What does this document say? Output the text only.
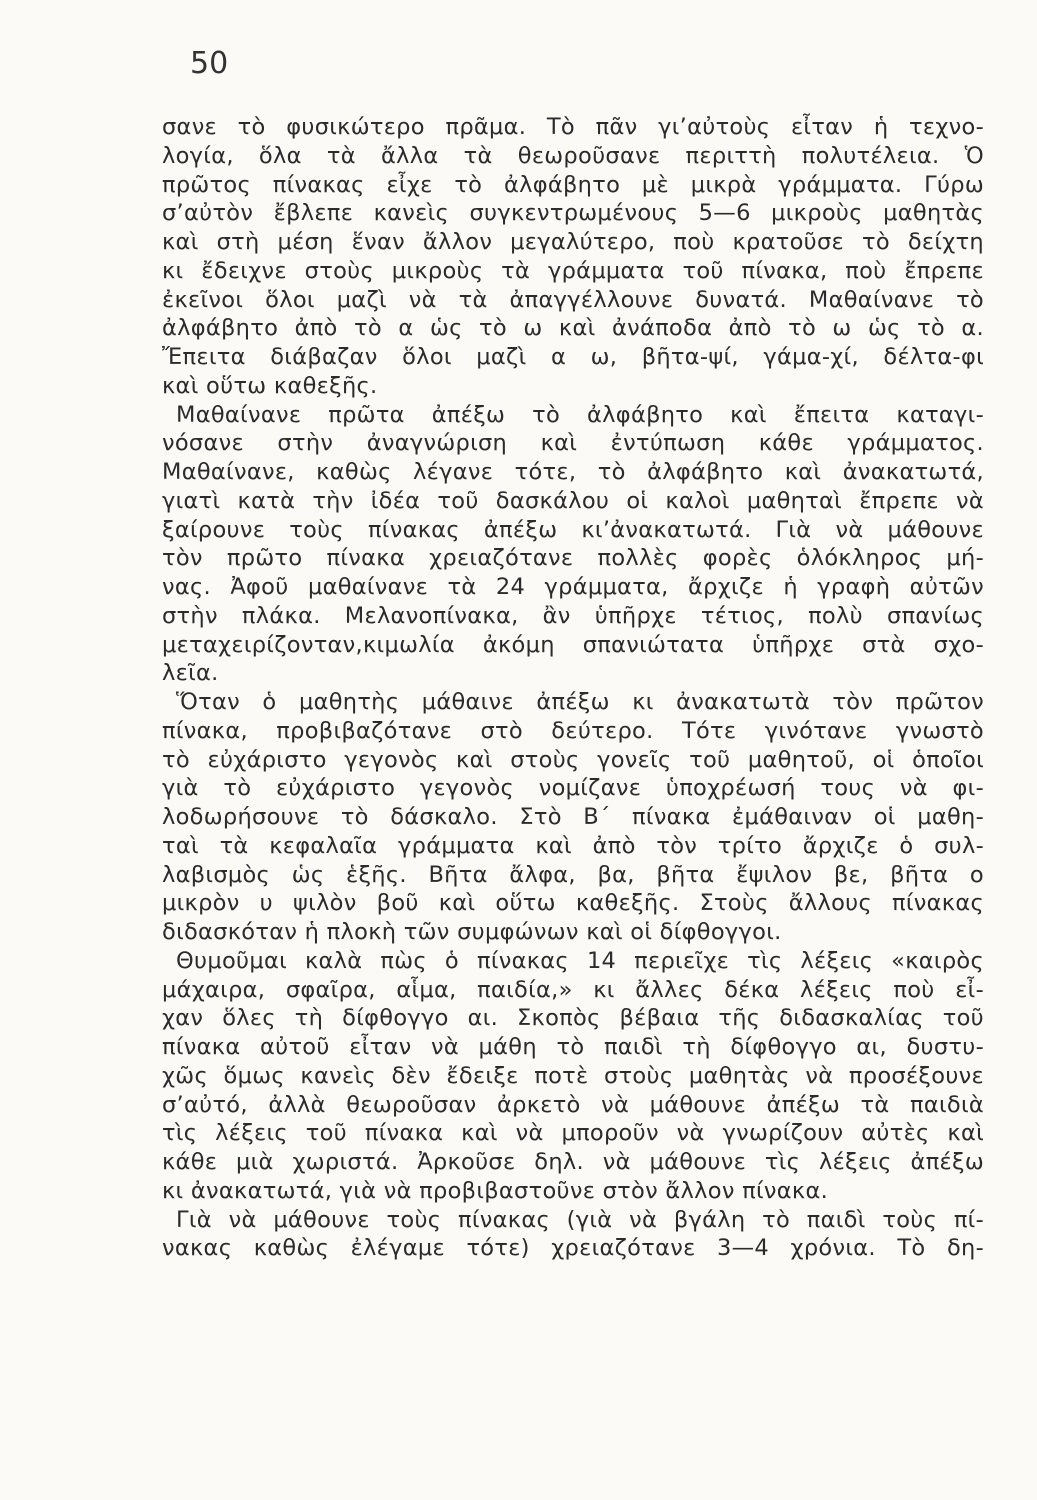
50
σανε τὸ φυσικώτερο πρᾶμα. Τὸ πᾶν γι’αὐτοὺς εἶταν ἡ τεχνο-
λογία, ὅλα τὰ ἄλλα τὰ θεωροῦσανε περιττὴ πολυτέλεια. Ὁ
πρῶτος πίνακας εἶχε τὸ ἀλφάβητο μὲ μικρὰ γράμματα. Γύρω
σ’αὐτὸν ἔβλεπε κανεὶς συγκεντρωμένους 5—6 μικροὺς μαθητὰς
καὶ στὴ μέση ἕναν ἄλλον μεγαλύτερο, ποὺ κρατοῦσε τὸ δείχτη
κι ἔδειχνε στοὺς μικροὺς τὰ γράμματα τοῦ πίνακα, ποὺ ἔπρεπε
ἐκεῖνοι ὅλοι μαζὶ νὰ τὰ ἀπαγγέλλουνε δυνατά. Μαθαίνανε τὸ
ἀλφάβητο ἀπὸ τὸ α ὡς τὸ ω καὶ ἀνάποδα ἀπὸ τὸ ω ὡς τὸ α.
Ἔπειτα διάβαζαν ὅλοι μαζὶ α ω, βῆτα-ψί, γάμα-χί, δέλτα-φι
καὶ οὕτω καθεξῆς.
Μαθαίνανε πρῶτα ἀπέξω τὸ ἀλφάβητο καὶ ἔπειτα καταγι-
νόσανε στὴν ἀναγνώριση καὶ ἐντύπωση κάθε γράμματος.
Μαθαίνανε, καθὼς λέγανε τότε, τὸ ἀλφάβητο καὶ ἀνακατωτά,
γιατὶ κατὰ τὴν ἰδέα τοῦ δασκάλου οἱ καλοὶ μαθηταὶ ἔπρεπε νὰ
ξαίρουνε τοὺς πίνακας ἀπέξω κι’ἀνακατωτά. Γιὰ νὰ μάθουνε
τὸν πρῶτο πίνακα χρειαζότανε πολλὲς φορὲς ὁλόκληρος μή-
νας. Ἀφοῦ μαθαίνανε τὰ 24 γράμματα, ἄρχιζε ἡ γραφὴ αὐτῶν
στὴν πλάκα. Μελανοπίνακα, ἂν ὑπῆρχε τέτιος, πολὺ σπανίως
μεταχειρίζονταν,κιμωλία ἀκόμη σπανιώτατα ὑπῆρχε στὰ σχο-
λεῖα.
Ὅταν ὁ μαθητὴς μάθαινε ἀπέξω κι ἀνακατωτὰ τὸν πρῶτον
πίνακα, προβιβαζότανε στὸ δεύτερο. Τότε γινότανε γνωστὸ
τὸ εὐχάριστο γεγονὸς καὶ στοὺς γονεῖς τοῦ μαθητοῦ, οἱ ὁποῖοι
γιὰ τὸ εὐχάριστο γεγονὸς νομίζανε ὑποχρέωσή τους νὰ φι-
λοδωρήσουνε τὸ δάσκαλο. Στὸ Β΄ πίνακα ἐμάθαιναν οἱ μαθη-
ταὶ τὰ κεφαλαῖα γράμματα καὶ ἀπὸ τὸν τρίτο ἄρχιζε ὁ συλ-
λαβισμὸς ὡς ἑξῆς. Βῆτα ἄλφα, βα, βῆτα ἔψιλον βε, βῆτα ο
μικρὸν υ ψιλὸν βοῦ καὶ οὕτω καθεξῆς. Στοὺς ἄλλους πίνακας
διδασκόταν ἡ πλοκὴ τῶν συμφώνων καὶ οἱ δίφθογγοι.
Θυμοῦμαι καλὰ πὼς ὁ πίνακας 14 περιεῖχε τὶς λέξεις «καιρὸς
μάχαιρα, σφαῖρα, αἷμα, παιδία,» κι ἄλλες δέκα λέξεις ποὺ εἶ-
χαν ὅλες τὴ δίφθογγο αι. Σκοπὸς βέβαια τῆς διδασκαλίας τοῦ
πίνακα αὐτοῦ εἶταν νὰ μάθη τὸ παιδὶ τὴ δίφθογγο αι, δυστυ-
χῶς ὅμως κανεὶς δὲν ἔδειξε ποτὲ στοὺς μαθητὰς νὰ προσέξουνε
σ’αὐτό, ἀλλὰ θεωροῦσαν ἀρκετὸ νὰ μάθουνε ἀπέξω τὰ παιδιὰ
τὶς λέξεις τοῦ πίνακα καὶ νὰ μποροῦν νὰ γνωρίζουν αὐτὲς καὶ
κάθε μιὰ χωριστά. Ἀρκοῦσε δηλ. νὰ μάθουνε τὶς λέξεις ἀπέξω
κι ἀνακατωτά, γιὰ νὰ προβιβαστοῦνε στὸν ἄλλον πίνακα.
Γιὰ νὰ μάθουνε τοὺς πίνακας (γιὰ νὰ βγάλη τὸ παιδὶ τοὺς πί-
νακας καθὼς ἐλέγαμε τότε) χρειαζότανε 3—4 χρόνια. Τὸ δη-
